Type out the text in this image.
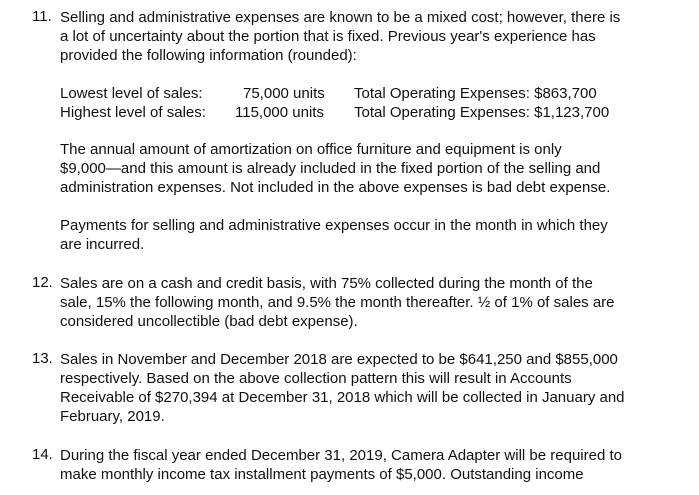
11. Selling and administrative expenses are known to be a mixed cost; however, there is
a lot of uncertainty about the portion that is fixed. Previous year's experience has
provided the following information (rounded):
Lowest level of sales:	75,000 units Total Operating Expenses: $863,700
Highest level of sales: 115,000 units Total Operating Expenses: $1,123,700
The annual amount of amortization on office furniture and equipment is only
$9,000—and this amount is already included in the fixed portion of the selling and
administration expenses. Not included in the above expenses is bad debt expense.
Payments for selling and administrative expenses occur in the month in which they
are incurred.
12. Sales are on a cash and credit basis, with 75% collected during the month of the
sale, 15% the following month, and 9.5% the month thereafter. ½ of 1% of sales are
considered uncollectible (bad debt expense).
13. Sales in November and December 2018 are expected to be $641,250 and $855,000
respectively. Based on the above collection pattern this will result in Accounts
Receivable of $270,394 at December 31, 2018 which will be collected in January and
February, 2019.
14. During the fiscal year ended December 31, 2019, Camera Adapter will be required to
make monthly income tax installment payments of $5,000. Outstanding income
